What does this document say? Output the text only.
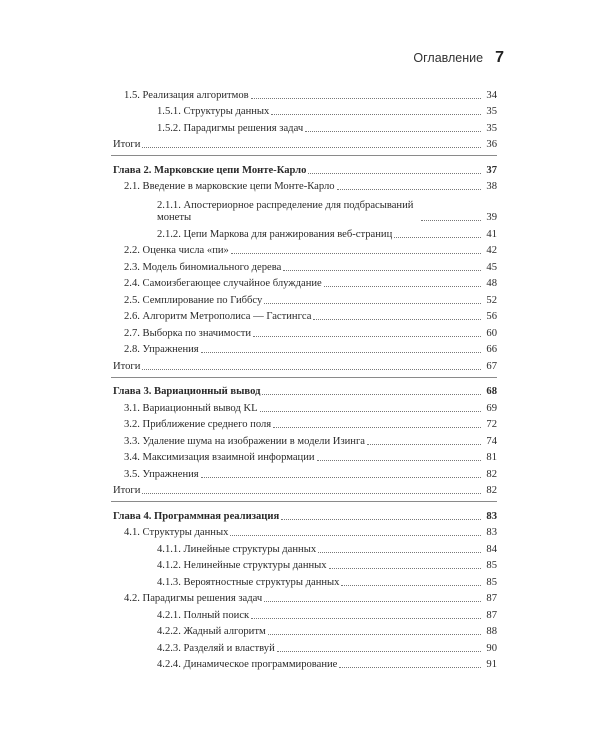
Оглавление 7
1.5. Реализация алгоритмов	34
1.5.1. Структуры данных	35
1.5.2. Парадигмы решения задач	35
Итоги	36
Глава 2. Марковские цепи Монте-Карло	37
2.1. Введение в марковские цепи Монте-Карло	38
2.1.1. Апостериорное распределение для подбрасываний монеты	39
2.1.2. Цепи Маркова для ранжирования веб-страниц	41
2.2. Оценка числа «пи»	42
2.3. Модель биномиального дерева	45
2.4. Самоизбегающее случайное блуждание	48
2.5. Семплирование по Гиббсу	52
2.6. Алгоритм Метрополиса — Гастингса	56
2.7. Выборка по значимости	60
2.8. Упражнения	66
Итоги	67
Глава 3. Вариационный вывод	68
3.1. Вариационный вывод KL	69
3.2. Приближение среднего поля	72
3.3. Удаление шума на изображении в модели Изинга	74
3.4. Максимизация взаимной информации	81
3.5. Упражнения	82
Итоги	82
Глава 4. Программная реализация	83
4.1. Структуры данных	83
4.1.1. Линейные структуры данных	84
4.1.2. Нелинейные структуры данных	85
4.1.3. Вероятностные структуры данных	85
4.2. Парадигмы решения задач	87
4.2.1. Полный поиск	87
4.2.2. Жадный алгоритм	88
4.2.3. Разделяй и властвуй	90
4.2.4. Динамическое программирование	91
